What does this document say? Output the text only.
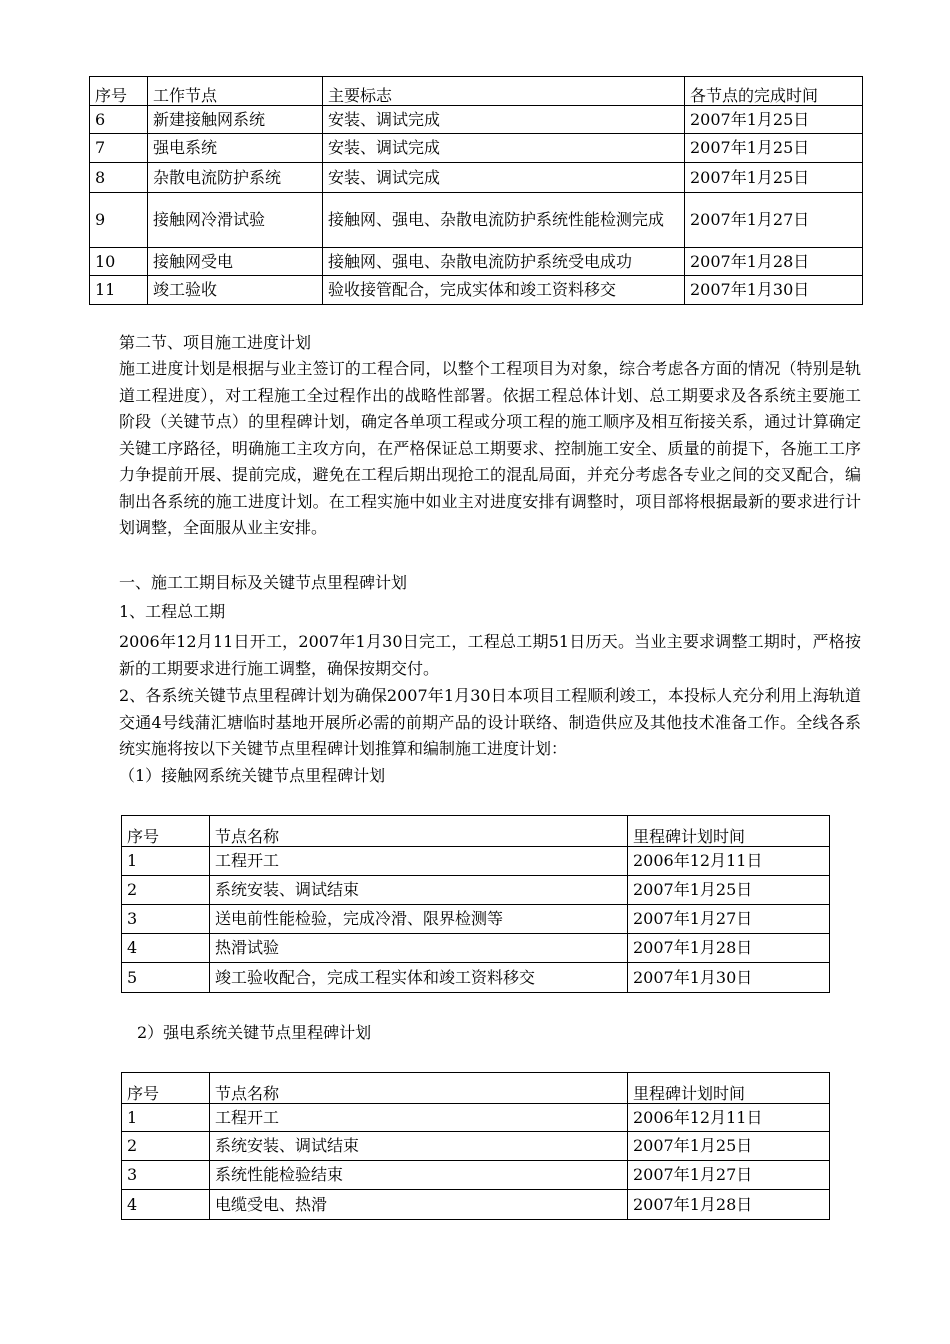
序号	工作节点	主要标志	各节点的完成时间
6	新建接触网系统	安装、调试完成	2007年1月25日
7	强电系统	安装、调试完成	2007年1月25日
8	杂散电流防护系统	安装、调试完成	2007年1月25日
9	接触网冷滑试验	接触网、强电、杂散电流防护系统性能检测完成	2007年1月27日
10	接触网受电	接触网、强电、杂散电流防护系统受电成功	2007年1月28日
11	竣工验收	验收接管配合，完成实体和竣工资料移交	2007年1月30日
第二节、项目施工进度计划
施工进度计划是根据与业主签订的工程合同，以整个工程项目为对象，综合考虑各方面的情况（特别是轨道工程进度），对工程施工全过程作出的战略性部署。依据工程总体计划、总工期要求及各系统主要施工阶段（关键节点）的里程碑计划，确定各单项工程或分项工程的施工顺序及相互衔接关系，通过计算确定关键工序路径，明确施工主攻方向，在严格保证总工期要求、控制施工安全、质量的前提下，各施工工序力争提前开展、提前完成，避免在工程后期出现抢工的混乱局面，并充分考虑各专业之间的交叉配合，编制出各系统的施工进度计划。在工程实施中如业主对进度安排有调整时，项目部将根据最新的要求进行计划调整，全面服从业主安排。
一、施工工期目标及关键节点里程碑计划
1、工程总工期
2006年12月11日开工，2007年1月30日完工，工程总工期51日历天。当业主要求调整工期时，严格按新的工期要求进行施工调整，确保按期交付。
2、各系统关键节点里程碑计划为确保2007年1月30日本项目工程顺利竣工，本投标人充分利用上海轨道交通4号线蒲汇塘临时基地开展所必需的前期产品的设计联络、制造供应及其他技术准备工作。全线各系统实施将按以下关键节点里程碑计划推算和编制施工进度计划：
（1）接触网系统关键节点里程碑计划
序号	节点名称	里程碑计划时间
1	工程开工	2006年12月11日
2	系统安装、调试结束	2007年1月25日
3	送电前性能检验，完成冷滑、限界检测等	2007年1月27日
4	热滑试验	2007年1月28日
5	竣工验收配合，完成工程实体和竣工资料移交	2007年1月30日
2）强电系统关键节点里程碑计划
序号	节点名称	里程碑计划时间
1	工程开工	2006年12月11日
2	系统安装、调试结束	2007年1月25日
3	系统性能检验结束	2007年1月27日
4	电缆受电、热滑	2007年1月28日
